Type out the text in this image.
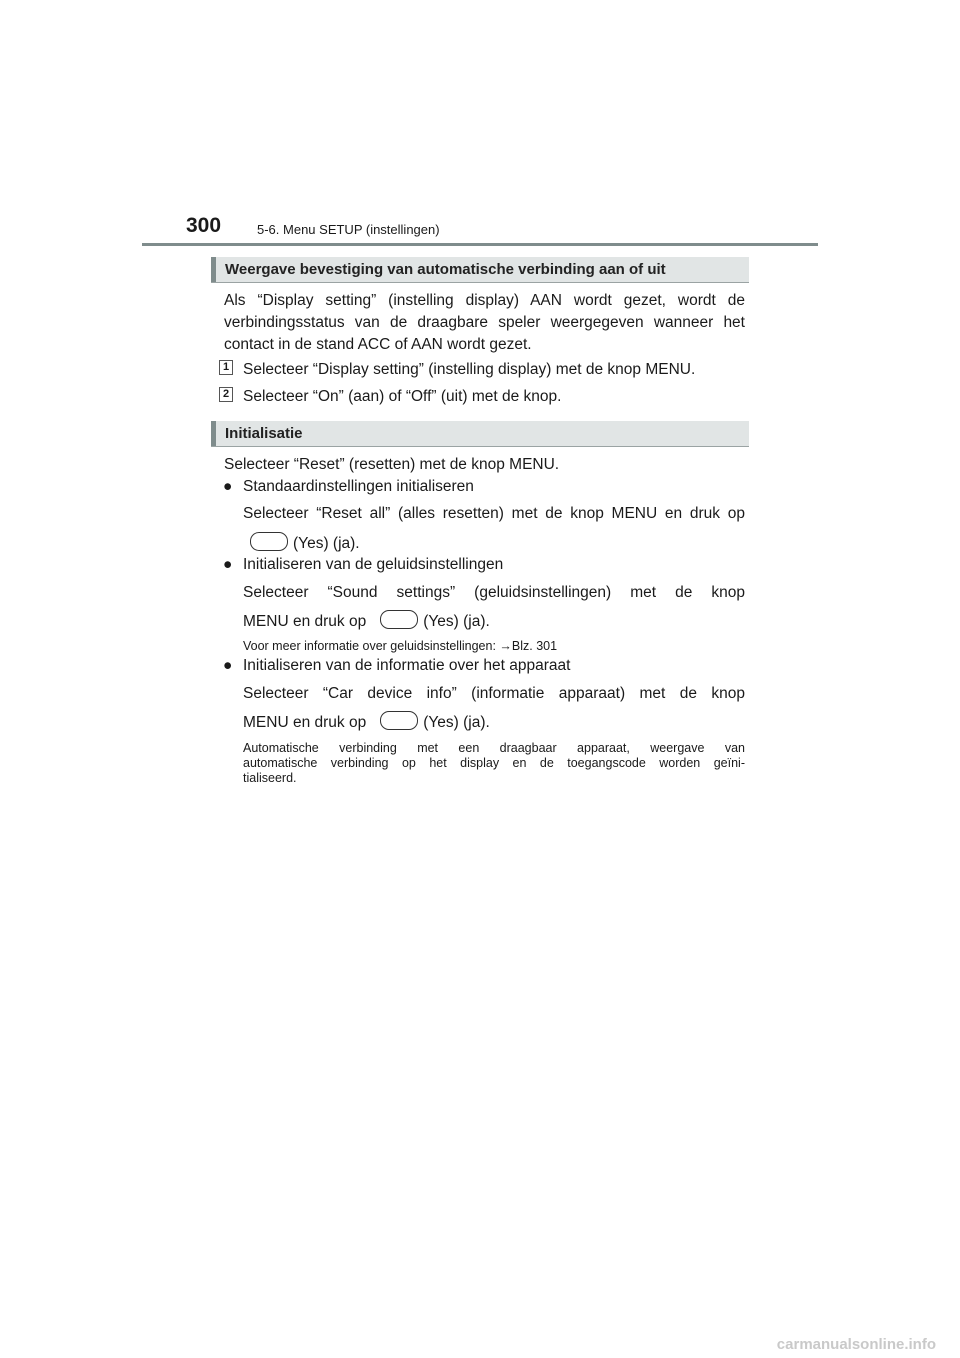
300	5-6. Menu SETUP (instellingen)
Weergave bevestiging van automatische verbinding aan of uit
Als “Display setting” (instelling display) AAN wordt gezet, wordt de
verbindingsstatus van de draagbare speler weergegeven wanneer het
contact in de stand ACC of AAN wordt gezet.
1 Selecteer “Display setting” (instelling display) met de knop MENU.
2 Selecteer “On” (aan) of “Off” (uit) met de knop.
Initialisatie
Selecteer “Reset” (resetten) met de knop MENU.
● Standaardinstellingen initialiseren
Selecteer “Reset all” (alles resetten) met de knop MENU en druk op
(Yes) (ja).
● Initialiseren van de geluidsinstellingen
Selecteer “Sound settings” (geluidsinstellingen) met de knop
MENU en druk op	(Yes) (ja).
Voor meer informatie over geluidsinstellingen: →Blz. 301
● Initialiseren van de informatie over het apparaat
Selecteer “Car device info” (informatie apparaat) met de knop
MENU en druk op	(Yes) (ja).
Automatische verbinding met een draagbaar apparaat, weergave van
automatische verbinding op het display en de toegangscode worden geïni-
tialiseerd.
carmanualsonline.info
